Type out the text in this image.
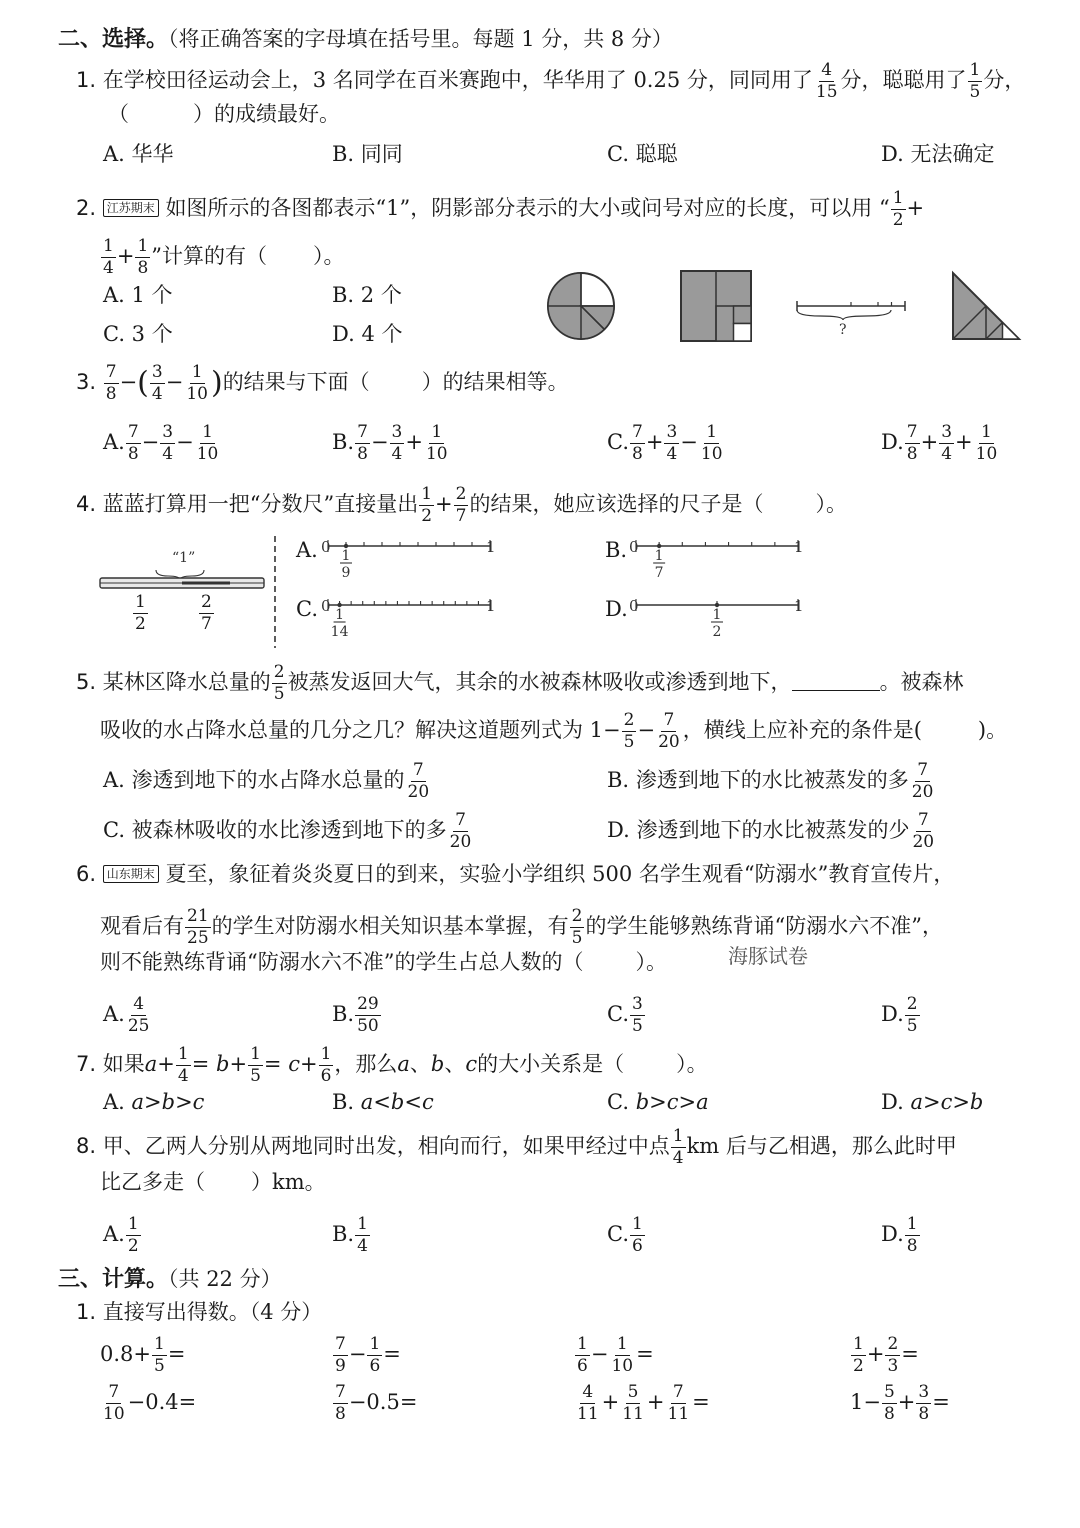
二、选择。（将正确答案的字母填在括号里。每题 1 分，共 8 分）
1. 在学校田径运动会上，3 名同学在百米赛跑中，华华用了 0.25 分，同同用了 $\frac{4}{15}$ 分，聪聪用了 $\frac{1}{5}$ 分，
（	）的成绩最好。
A. 华华	B. 同同	C. 聪聪	D. 无法确定
2. 江苏期末 如图所示的各图都表示“1”，阴影部分表示的大小或问号对应的长度，可以用 “ $\frac{1}{2}$ +
$\frac{1}{4} + \frac{1}{8}$ ”计算的有（ ）。
A. 1 个	B. 2 个
C. 3 个	D. 4 个	?
3. $\frac{7}{8}$ −( $\frac{3}{4} - \frac{1}{10}$ )的结果与下面（ ）的结果相等。
A. $\frac{7}{8} - \frac{3}{4} - \frac{1}{10}$	B. $\frac{7}{8} - \frac{3}{4} + \frac{1}{10}$	C. $\frac{7}{8} + \frac{3}{4} - \frac{1}{10}$	D. $\frac{7}{8} + \frac{3}{4} + \frac{1}{10}$
4. 蓝蓝打算用一把“分数尺”直接量出 $\frac{1}{2} + \frac{2}{7}$ 的结果，她应该选择的尺子是（ ）。
“1”
$\frac{1}{2}$	$\frac{2}{7}$
A. 0	1
1
9
B. 0	1
1
7
C. 0	1
1
14
D. 0	1
1
2
5. 某林区降水总量的 $\frac{2}{5}$ 被蒸发返回大气，其余的水被森林吸收或渗透到地下，	。被森林
吸收的水占降水总量的几分之几？解决这道题列式为 $1- \frac{2}{5} - \frac{7}{20}$ ，横线上应补充的条件是(	)。
A. 渗透到地下的水占降水总量的 $\frac{7}{20}$	B. 渗透到地下的水比被蒸发的多 $\frac{7}{20}$
C. 被森林吸收的水比渗透到地下的多 $\frac{7}{20}$	D. 渗透到地下的水比被蒸发的少 $\frac{7}{20}$
6. 山东期末 夏至，象征着炎炎夏日的到来，实验小学组织 500 名学生观看“防溺水”教育宣传片，
观看后有 $\frac{21}{25}$ 的学生对防溺水相关知识基本掌握，有 $\frac{2}{5}$ 的学生能够熟练背诵“防溺水六不准”，
则不能熟练背诵“防溺水六不准”的学生占总人数的（ ）。	海豚试卷
A. $\frac{4}{25}$	B. $\frac{29}{50}$	C. $\frac{3}{5}$	D. $\frac{2}{5}$
7. 如果$a+ \frac{1}{4} = b+ \frac{1}{5} = c+ \frac{1}{6}$ ，那么a、b、c的大小关系是（ ）。
A. a>b>c	B. a<b<c	C. b>c>a	D. a>c>b
8. 甲、乙两人分别从两地同时出发，相向而行，如果甲经过中点 $\frac{1}{4}$ km 后与乙相遇，那么此时甲
比乙多走（ ）km。
A. $\frac{1}{2}$	B. $\frac{1}{4}$	C. $\frac{1}{6}$	D. $\frac{1}{8}$
三、计算。（共 22 分）
1. 直接写出得数。（4 分）
$0.8+ \frac{1}{5}$ =	$\frac{7}{9} - \frac{1}{6}$ =	$\frac{1}{6} - \frac{1}{10}$ =	$\frac{1}{2} + \frac{2}{3}$ =
$\frac{7}{10} -0.4=$	$\frac{7}{8} -0.5=$	$\frac{4}{11} + \frac{5}{11} + \frac{7}{11}$ =	$1- \frac{5}{8} + \frac{3}{8}$ =
